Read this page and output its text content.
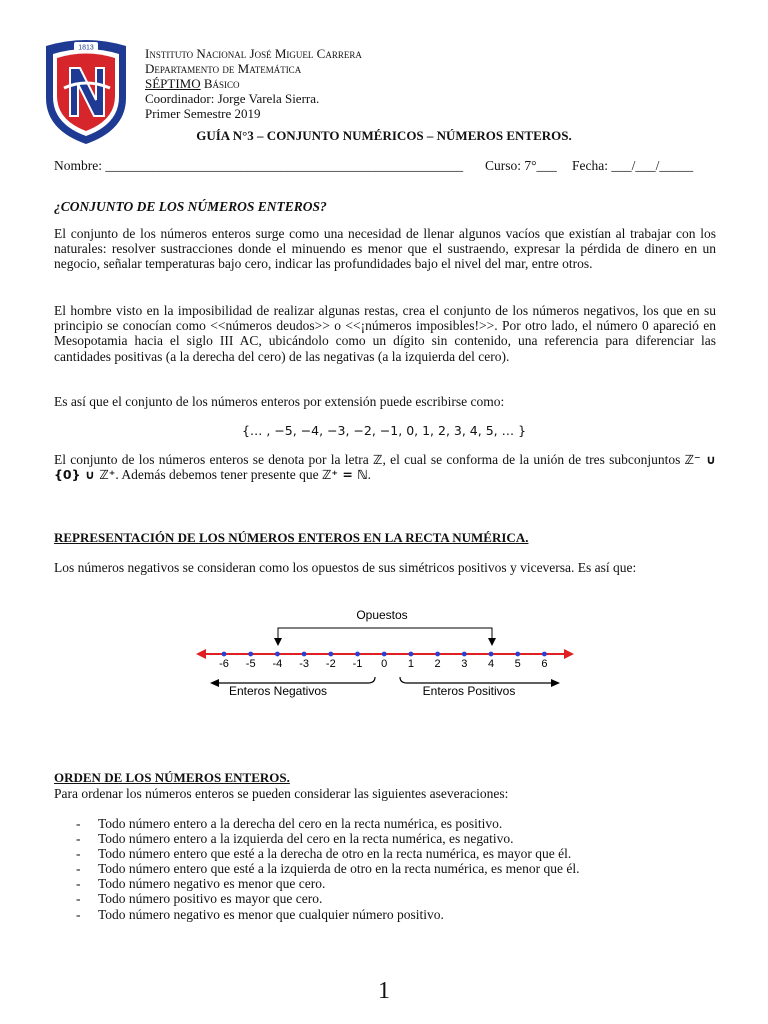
1813	Instituto Nacional José Miguel Carrera
Departamento de Matemática
SÉPTIMO Básico
Coordinador: Jorge Varela Sierra.
Primer Semestre 2019
GUÍA N°3 – CONJUNTO NUMÉRICOS – NÚMEROS ENTEROS.
Nombre: _____________________________________________________ Curso: 7°___ Fecha: ___/___/_____
¿CONJUNTO DE LOS NÚMEROS ENTEROS?
El conjunto de los números enteros surge como una necesidad de llenar algunos vacíos que existían al trabajar con los naturales: resolver sustracciones donde el minuendo es menor que el sustraendo, expresar la pérdida de dinero en un negocio, señalar temperaturas bajo cero, indicar las profundidades bajo el nivel del mar, entre otros.
El hombre visto en la imposibilidad de realizar algunas restas, crea el conjunto de los números negativos, los que en su principio se conocían como <<números deudos>> o <<¡números imposibles!>>. Por otro lado, el número 0 apareció en Mesopotamia hacia el siglo III AC, ubicándolo como un dígito sin contenido, una referencia para diferenciar las cantidades positivas (a la derecha del cero) de las negativas (a la izquierda del cero).
Es así que el conjunto de los números enteros por extensión puede escribirse como:
{… , −5, −4, −3, −2, −1, 0, 1, 2, 3, 4, 5, … }
El conjunto de los números enteros se denota por la letra ℤ, el cual se conforma de la unión de tres subconjuntos ℤ⁻ ∪ {0} ∪ ℤ⁺. Además debemos tener presente que ℤ⁺ = ℕ.
REPRESENTACIÓN DE LOS NÚMEROS ENTEROS EN LA RECTA NUMÉRICA.
Los números negativos se consideran como los opuestos de sus simétricos positivos y viceversa. Es así que:
Opuestos
-6 -5 -4 -3 -2 -1 0 1 2 3 4 5 6
Enteros Negativos	Enteros Positivos
ORDEN DE LOS NÚMEROS ENTEROS.
Para ordenar los números enteros se pueden considerar las siguientes aseveraciones:
-	Todo número entero a la derecha del cero en la recta numérica, es positivo.
-	Todo número entero a la izquierda del cero en la recta numérica, es negativo.
-	Todo número entero que esté a la derecha de otro en la recta numérica, es mayor que él.
-	Todo número entero que esté a la izquierda de otro en la recta numérica, es menor que él.
-	Todo número negativo es menor que cero.
-	Todo número positivo es mayor que cero.
-	Todo número negativo es menor que cualquier número positivo.
1
